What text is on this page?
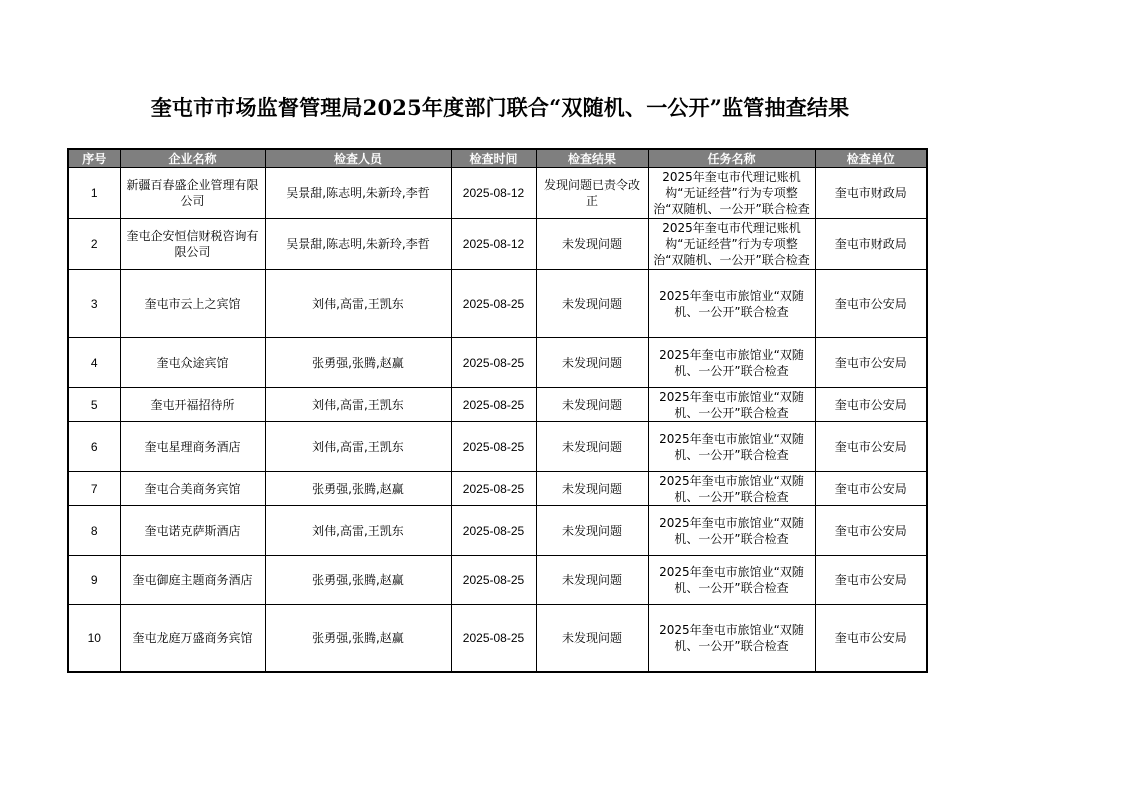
奎屯市市场监督管理局2025年度部门联合“双随机、一公开”监管抽查结果
序号	企业名称	检查人员	检查时间	检查结果	任务名称	检查单位
1	新疆百春盛企业管理有限公司	吴景甜,陈志明,朱新玲,李哲	2025-08-12	发现问题已责令改正	2025年奎屯市代理记账机构“无证经营”行为专项整治“双随机、一公开”联合检查	奎屯市财政局
2	奎屯企安恒信财税咨询有限公司	吴景甜,陈志明,朱新玲,李哲	2025-08-12	未发现问题	2025年奎屯市代理记账机构“无证经营”行为专项整治“双随机、一公开”联合检查	奎屯市财政局
3	奎屯市云上之宾馆	刘伟,高雷,王凯东	2025-08-25	未发现问题	2025年奎屯市旅馆业“双随机、一公开”联合检查	奎屯市公安局
4	奎屯众途宾馆	张勇强,张腾,赵赢	2025-08-25	未发现问题	2025年奎屯市旅馆业“双随机、一公开”联合检查	奎屯市公安局
5	奎屯开福招待所	刘伟,高雷,王凯东	2025-08-25	未发现问题	2025年奎屯市旅馆业“双随机、一公开”联合检查	奎屯市公安局
6	奎屯星理商务酒店	刘伟,高雷,王凯东	2025-08-25	未发现问题	2025年奎屯市旅馆业“双随机、一公开”联合检查	奎屯市公安局
7	奎屯合美商务宾馆	张勇强,张腾,赵赢	2025-08-25	未发现问题	2025年奎屯市旅馆业“双随机、一公开”联合检查	奎屯市公安局
8	奎屯诺克萨斯酒店	刘伟,高雷,王凯东	2025-08-25	未发现问题	2025年奎屯市旅馆业“双随机、一公开”联合检查	奎屯市公安局
9	奎屯御庭主题商务酒店	张勇强,张腾,赵赢	2025-08-25	未发现问题	2025年奎屯市旅馆业“双随机、一公开”联合检查	奎屯市公安局
10	奎屯龙庭万盛商务宾馆	张勇强,张腾,赵赢	2025-08-25	未发现问题	2025年奎屯市旅馆业“双随机、一公开”联合检查	奎屯市公安局
